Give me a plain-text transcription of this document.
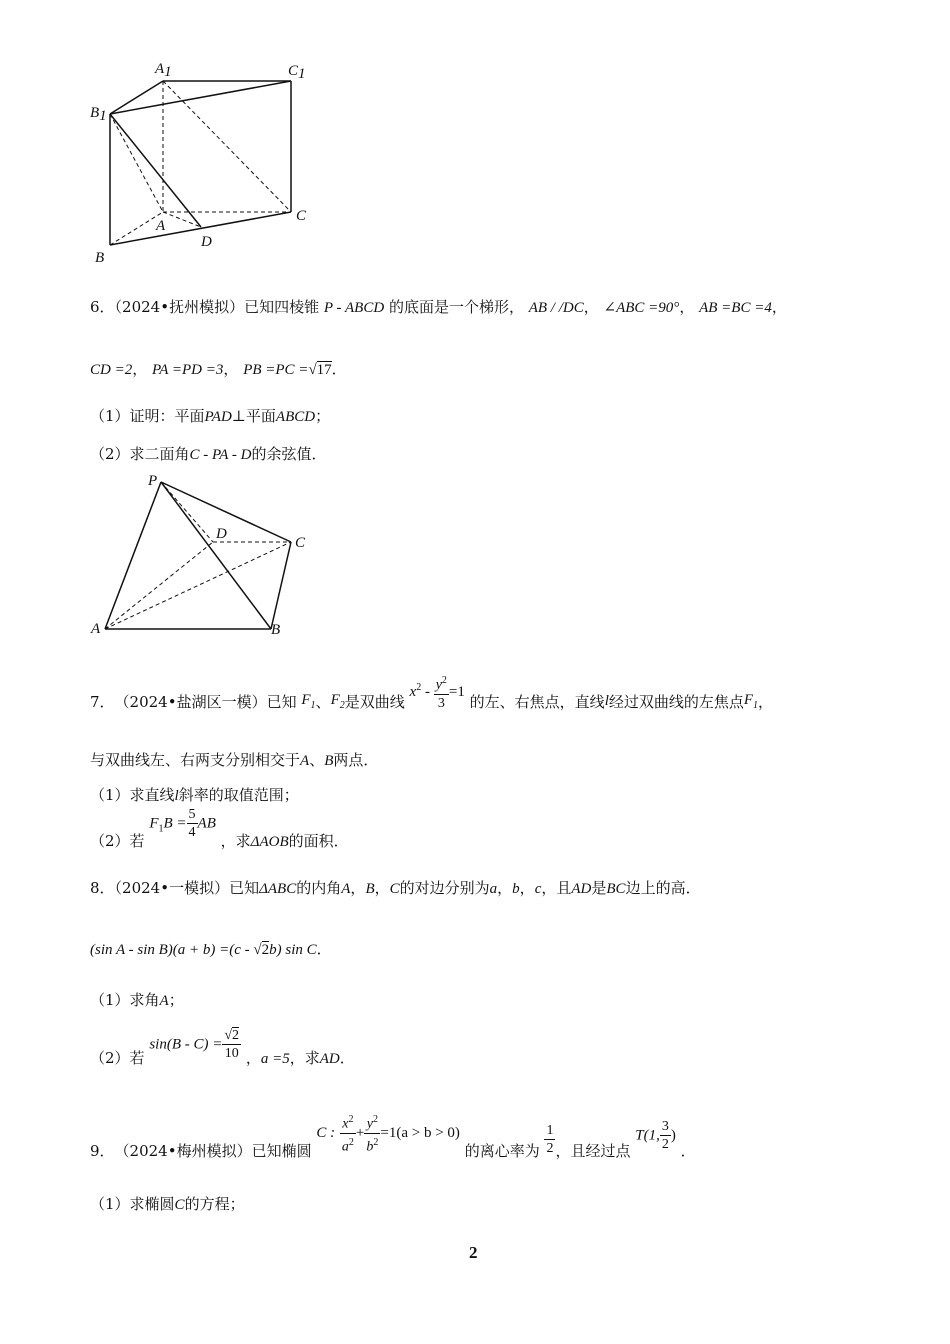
A1	C1
B1
A
C
B
D
6．（2024•抚州模拟）已知四棱锥 P - ABCD 的底面是一个梯形， AB / /DC， ∠ABC =90°， AB =BC =4，
CD =2， PA =PD =3， PB =PC =√17．
（1）证明：平面PAD⊥平面ABCD；
（2）求二面角C - PA - D的余弦值．
P
D
C
A	B
7．（2024•盐湖区一模）已知 $F_1$、$F_2$是双曲线 $x^2 - \frac{y^2}{3} =1$ 的左、右焦点，直线l经过双曲线的左焦点$F_1$，
与双曲线左、右两支分别相交于A、B两点．
（1）求直线l斜率的取值范围；
（2）若 $F_1B = \frac{5}{4}$ AB ，求ΔAOB的面积．
8．（2024•一模拟）已知ΔABC的内角A，B，C的对边分别为a，b，c，且AD是BC边上的高．
(sin A - sin B)(a + b) =(c - √2b) sin C．
（1）求角A；
（2）若 $\sin(B - C) = \frac{√2}{10}$ ，a =5，求AD．
9．（2024•梅州模拟）已知椭圆 C : $\frac{x^2}{a^2} + \frac{y^2}{b^2} =1(a > b > 0)$ 的离心率为 $\frac{1}{2}$ ，且经过点 T(1, $\frac{3}{2}$ ) ．
（1）求椭圆C的方程；
2
